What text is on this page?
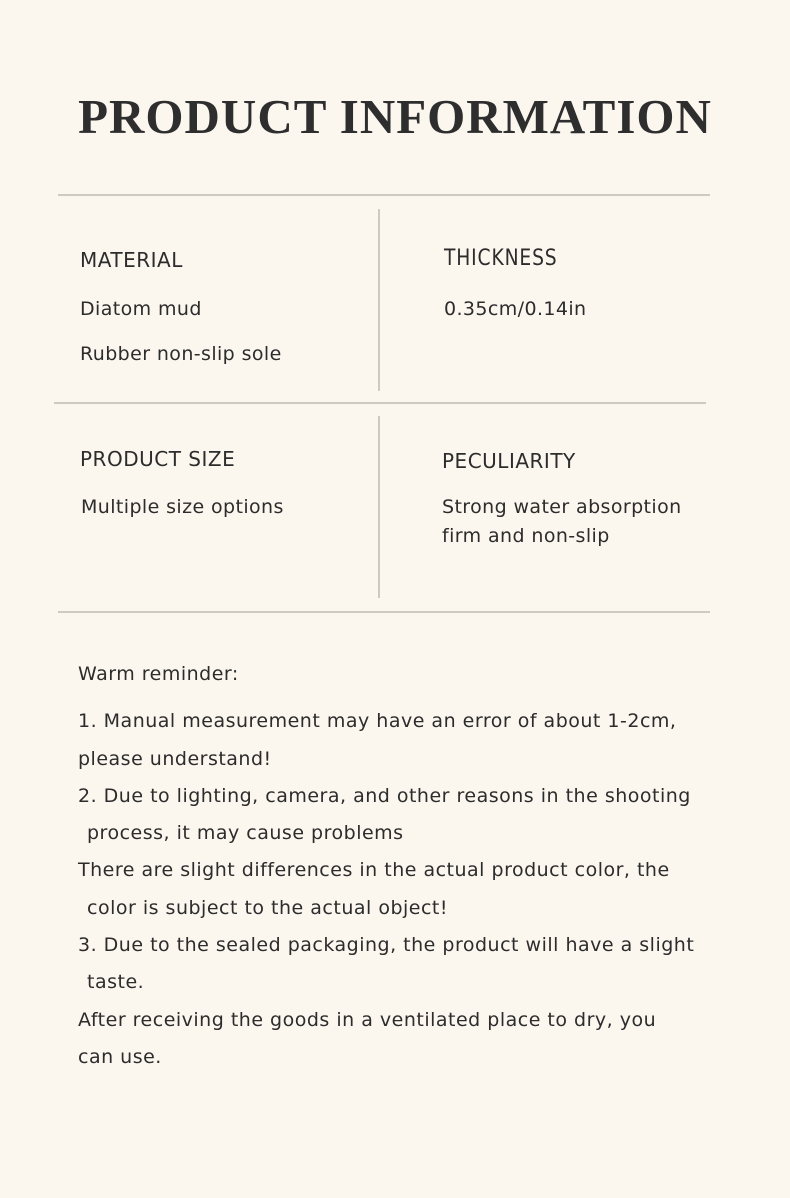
PRODUCT INFORMATION

MATERIAL

Diatom mud

Rubber non-slip sole

THICKNESS

0.35cm/0.14in

PRODUCT SIZE

Multiple size options

PECULIARITY

Strong water absorption

firm and non-slip

Warm reminder:

1. Manual measurement may have an error of about 1-2cm,

please understand!

2. Due to lighting, camera, and other reasons in the shooting

process, it may cause problems

There are slight differences in the actual product color, the

color is subject to the actual object!

3. Due to the sealed packaging, the product will have a slight

taste.

After receiving the goods in a ventilated place to dry, you

can use.
